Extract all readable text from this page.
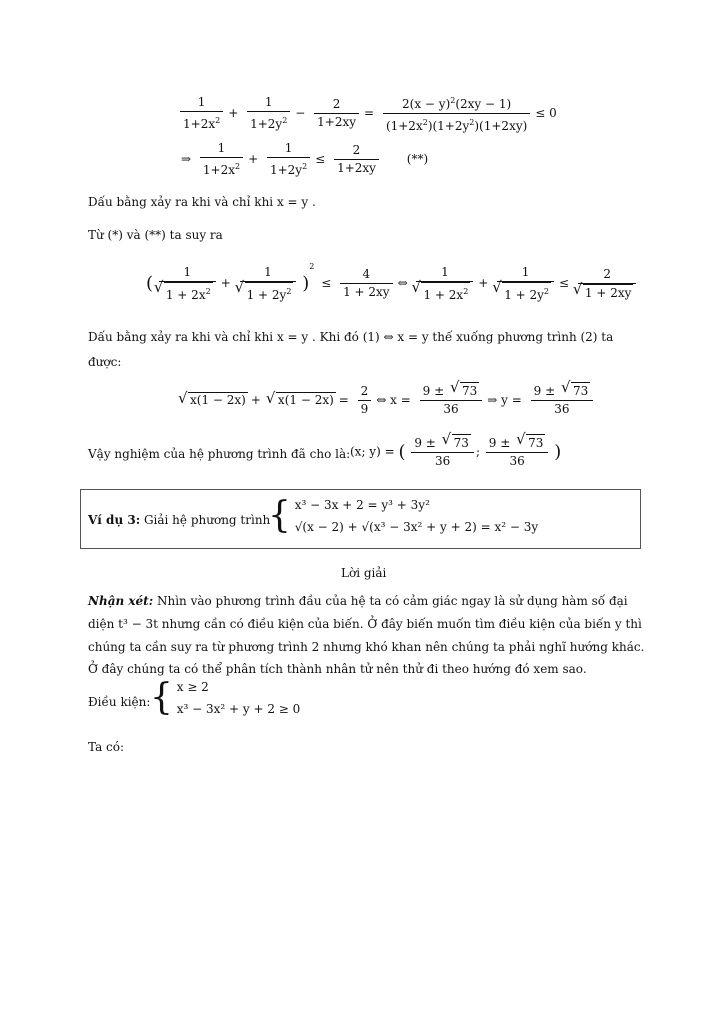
$\frac{1}{1+2x^2} + \frac{1}{1+2y^2} - \frac{2}{1+2xy} = \frac{2(x - y)^2(2xy - 1)}{(1+2x^2)(1+2y^2)(1+2xy)} \le 0$
⇒ $\frac{1}{1+2x^2} + \frac{1}{1+2y^2} \le \frac{2}{1+2xy}$ (**)
Dấu bằng xảy ra khi và chỉ khi x = y .
Từ (*) và (**) ta suy ra
( 1
√ $1 + 2x^2 + 1$
√ $1 + 2y^2$ )$^2 \le \frac{4}{1 + 2xy}$ ⇔ 1
√ $1 + 2x^2 + 1$
√ $1 + 2y^2 \le 2$
√ 1 + 2xy
Dấu bằng xảy ra khi và chỉ khi x = y . Khi đó (1) ⇔ x = y thế xuống phương trình (2) ta
được:
√ x(1 − 2x) +√ $x(1 - 2x) = \frac{2}{9}$ ⇔ $x = \frac{9 \pm √ 73}{36}$ ⇒ $y = \frac{9 \pm √ 73}{36}$
Vậy nghiệm của hệ phương trình đã cho là: (x; y) = ( $\frac{9 \pm √ 73}{36}$ ; $\frac{9 \pm √ 73}{36}$ )
Ví dụ 3: Giải hệ phương trình
{ x³ − 3x + 2 = y³ + 3y²
√(x − 2) + √(x³ − 3x² + y + 2) = x² − 3y
Lời giải
Nhận xét: Nhìn vào phương trình đầu của hệ ta có cảm giác ngay là sử dụng hàm số đại
diện t³ − 3t nhưng cần có điều kiện của biến. Ở đây biến muốn tìm điều kiện của biến y thì
chúng ta cần suy ra từ phương trình 2 nhưng khó khan nên chúng ta phải nghĩ hướng khác.
Ở đây chúng ta có thể phân tích thành nhân tử nên thử đi theo hướng đó xem sao.
Điều kiện: { x ≥ 2
x³ − 3x² + y + 2 ≥ 0
Ta có:
